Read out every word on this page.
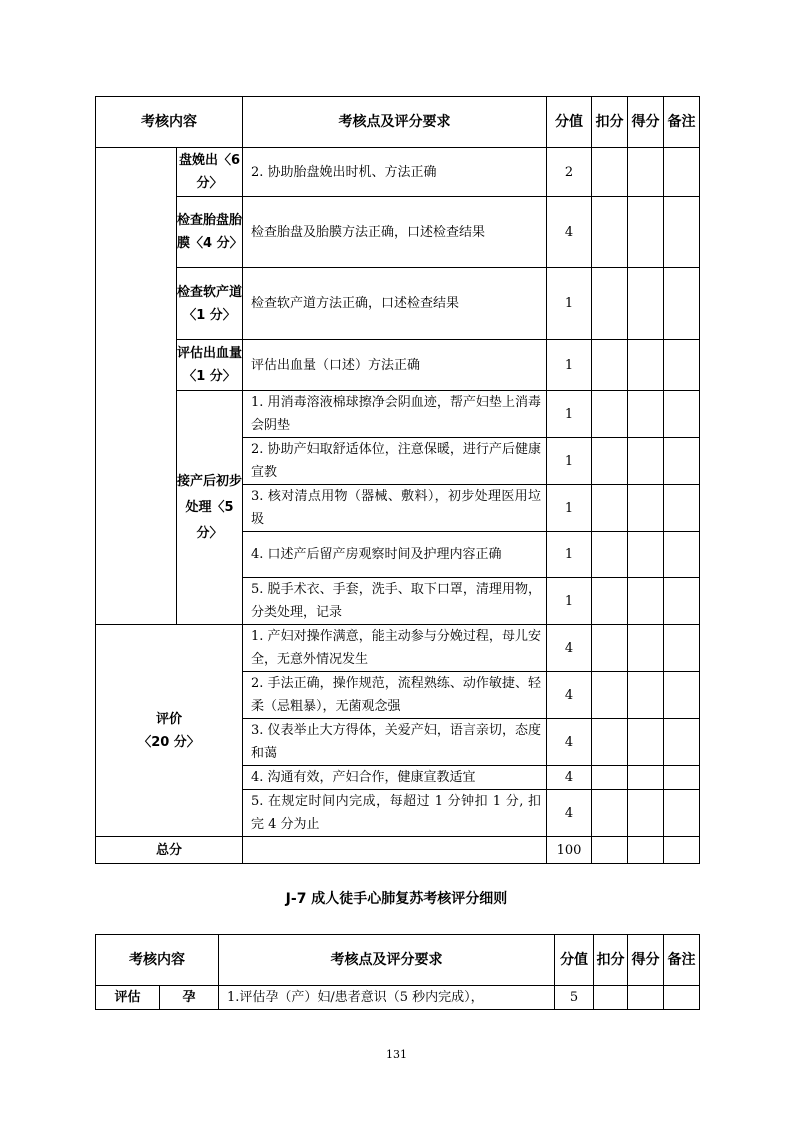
考核内容		考核点及评分要求	分值	扣分	得分	备注
	盘娩出〈6 分〉	2. 协助胎盘娩出时机、方法正确	2			
	检查胎盘胎膜〈4 分〉	检查胎盘及胎膜方法正确，口述检查结果	4			
	检查软产道〈1 分〉	检查软产道方法正确，口述检查结果	1			
	评估出血量〈1 分〉	评估出血量（口述）方法正确	1			
	接产后初步处理〈5 分〉	1. 用消毒溶液棉球擦净会阴血迹，帮产妇垫上消毒会阴垫	1			
		2. 协助产妇取舒适体位，注意保暖，进行产后健康宣教	1			
		3. 核对清点用物（器械、敷料），初步处理医用垃圾	1			
		4. 口述产后留产房观察时间及护理内容正确	1			
		5. 脱手术衣、手套，洗手、取下口罩，清理用物，分类处理，记录	1			

评价
〈20 分〉		1. 产妇对操作满意，能主动参与分娩过程，母儿安全，无意外情况发生	4			
		2. 手法正确，操作规范，流程熟练、动作敏捷、轻柔（忌粗暴），无菌观念强	4			
		3. 仪表举止大方得体，关爱产妇，语言亲切，态度和蔼	4			
		4. 沟通有效，产妇合作，健康宣教适宜	4			
		5. 在规定时间内完成，每超过 1 分钟扣 1 分, 扣完 4 分为止	4			
总分			100			
J-7 成人徒手心肺复苏考核评分细则
考核内容		考核点及评分要求	分值	扣分	得分	备注
评估	孕	1.评估孕（产）妇/患者意识（5 秒内完成），	5			
131
